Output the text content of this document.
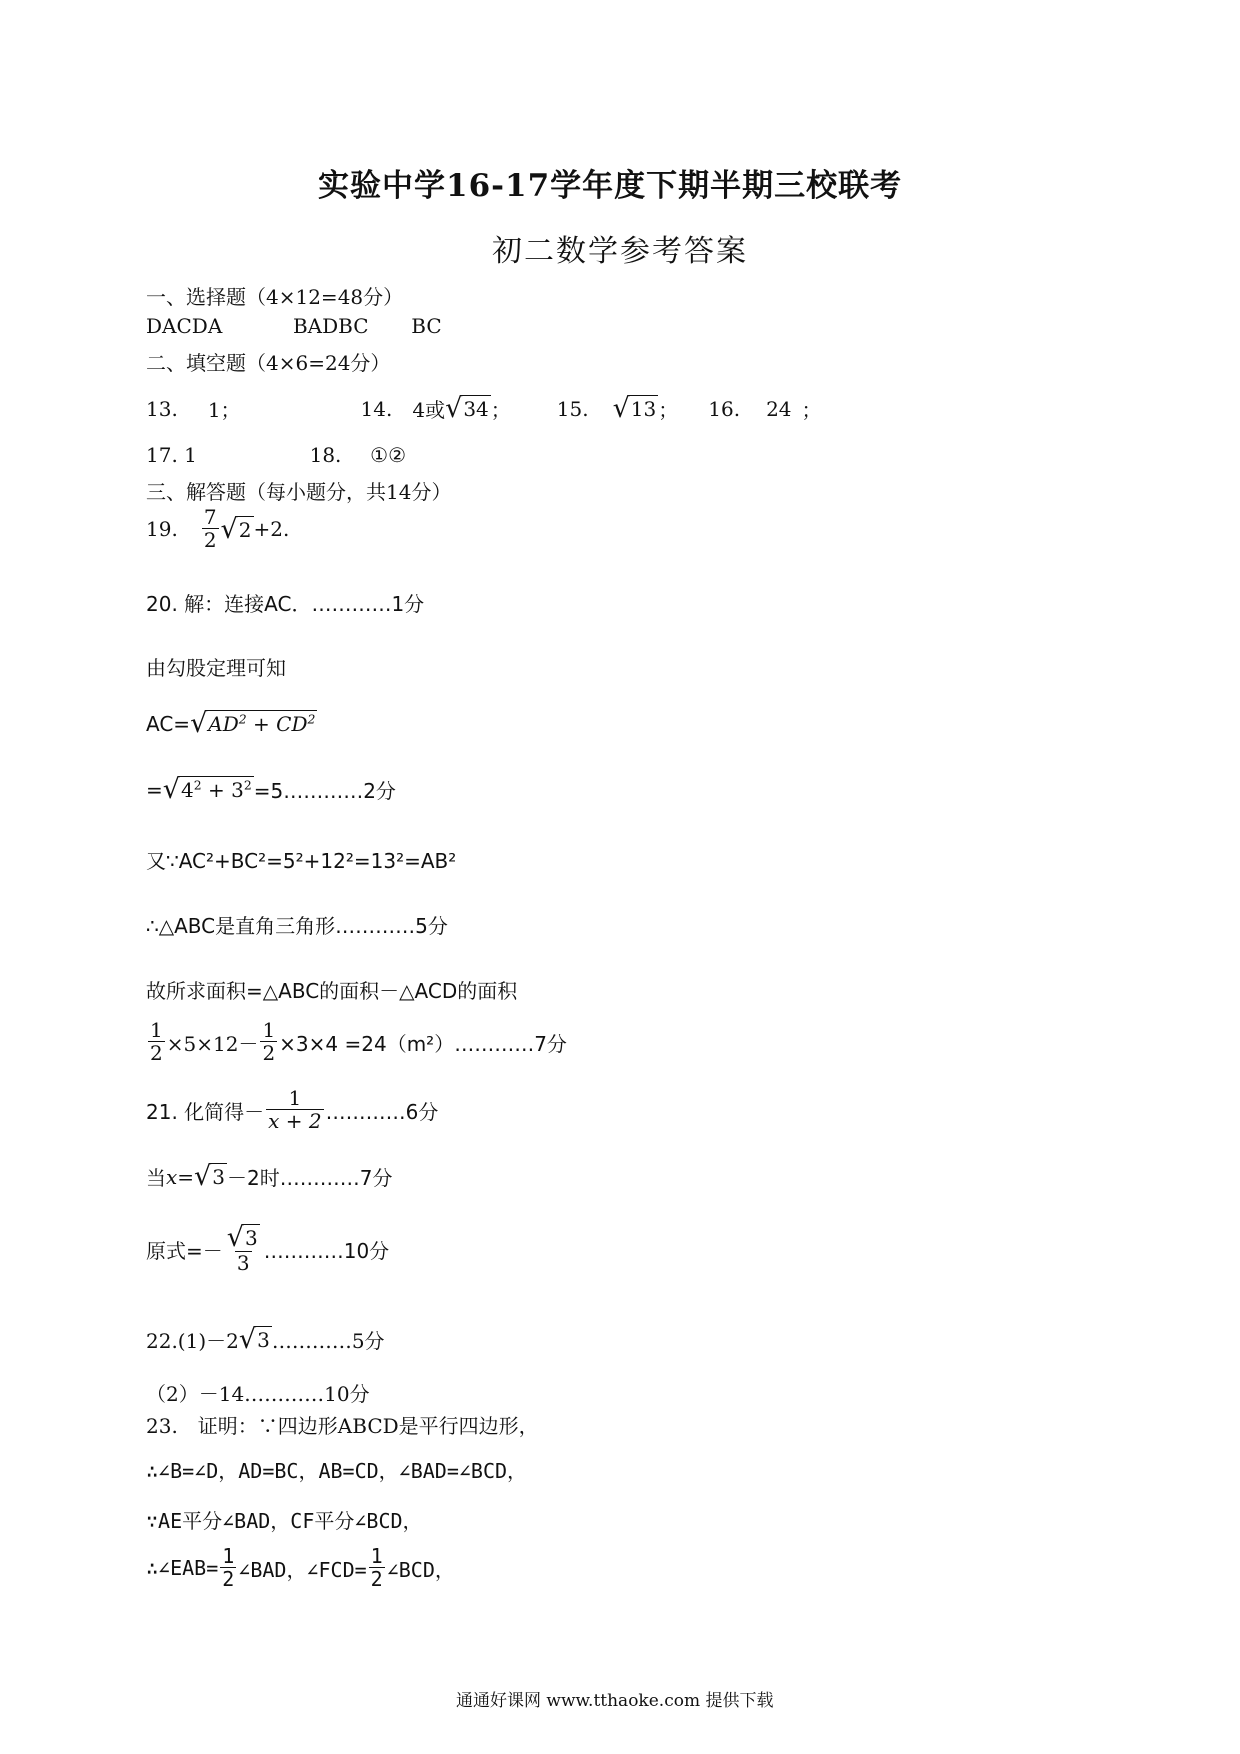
实验中学16-17学年度下期半期三校联考
初二数学参考答案
一、选择题（4×12=48分）
DACDA	BADBC BC
二、填空题（4×6=24分）
13. 1；	14. 4或 √ 34 ； 15. √ 13 ； 16. 24 ；
17. 1	18. ①②
三、解答题（每小题分，共14分）
19. $\frac{7}{2}$ √ 2 +2.
20. 解：连接AC．…………1分
由勾股定理可知
AC= √ $AD^2 + CD^2$
= √ $4^2 + 3^2$ =5…………2分
又∵AC²+BC²=5²+12²=13²=AB²
∴△ABC是直角三角形…………5分
故所求面积=△ABC的面积－△ACD的面积
$\frac{1}{2} \times 5\times 12- \frac{1}{2} \times 3\times 4$ =24（m²）…………7分
21. 化简得－ $\frac{1}{x + 2}$ …………6分
当 x = √ 3 －2时…………7分
原式=－ $\frac{√ 3}{3}$ …………10分
22.(1)－2 √ 3 …………5分
（2）－14…………10分
23.　证明：∵四边形ABCD是平行四边形，
∴∠B=∠D，AD=BC，AB=CD，∠BAD=∠BCD，
∵AE平分∠BAD，CF平分∠BCD，
∴∠EAB= $\frac{1}{2}$ ∠BAD，∠FCD= $\frac{1}{2}$ ∠BCD，
通通好课网 www.tthaoke.com 提供下载
